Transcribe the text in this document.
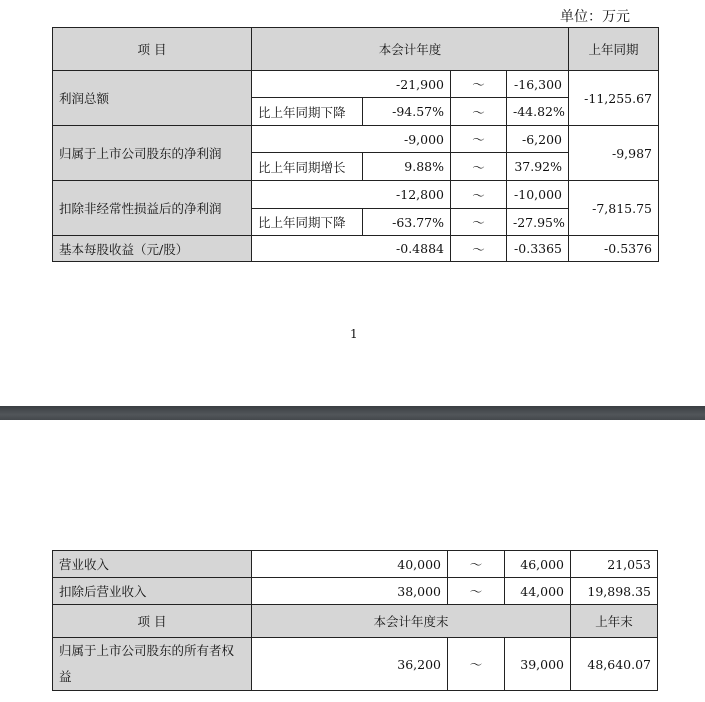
单位：万元
项 目	本会计年度				上年同期
利润总额	-21,900		～	-16,300	-11,255.67
	比上年同期下降	-94.57%	～	-44.82%	
归属于上市公司股东的净利润	-9,000		～	-6,200	-9,987
	比上年同期增长	9.88%	～	37.92%	
扣除非经常性损益后的净利润	-12,800		～	-10,000	-7,815.75
	比上年同期下降	-63.77%	～	-27.95%	
基本每股收益（元/股）	-0.4884		～	-0.3365	-0.5376
1
营业收入	40,000	～	46,000	21,053
扣除后营业收入	38,000	～	44,000	19,898.35
项 目	本会计年度末			上年末
归属于上市公司股东的所有者权益	36,200	～	39,000	48,640.07
